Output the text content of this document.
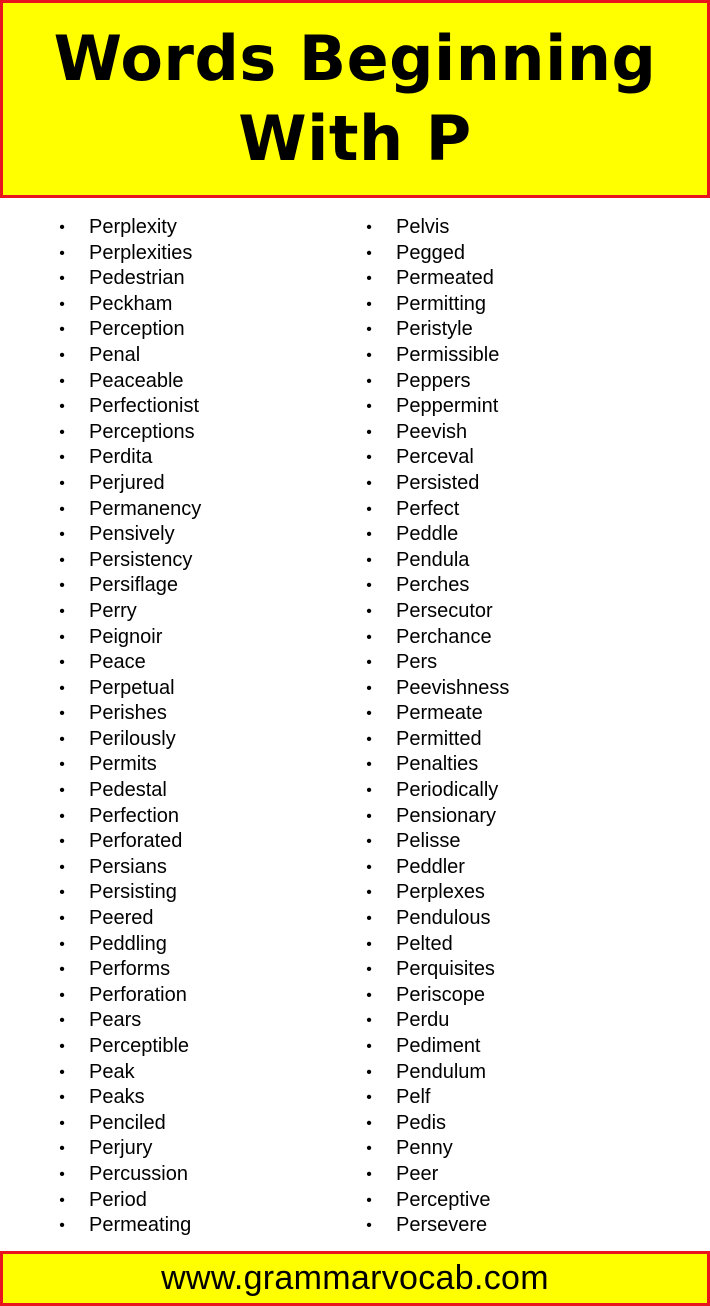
Words Beginning
With P
• Perplexity
• Perplexities
• Pedestrian
• Peckham
• Perception
• Penal
• Peaceable
• Perfectionist
• Perceptions
• Perdita
• Perjured
• Permanency
• Pensively
• Persistency
• Persiflage
• Perry
• Peignoir
• Peace
• Perpetual
• Perishes
• Perilously
• Permits
• Pedestal
• Perfection
• Perforated
• Persians
• Persisting
• Peered
• Peddling
• Performs
• Perforation
• Pears
• Perceptible
• Peak
• Peaks
• Penciled
• Perjury
• Percussion
• Period
• Permeating
• Pelvis
• Pegged
• Permeated
• Permitting
• Peristyle
• Permissible
• Peppers
• Peppermint
• Peevish
• Perceval
• Persisted
• Perfect
• Peddle
• Pendula
• Perches
• Persecutor
• Perchance
• Pers
• Peevishness
• Permeate
• Permitted
• Penalties
• Periodically
• Pensionary
• Pelisse
• Peddler
• Perplexes
• Pendulous
• Pelted
• Perquisites
• Periscope
• Perdu
• Pediment
• Pendulum
• Pelf
• Pedis
• Penny
• Peer
• Perceptive
• Persevere
www.grammarvocab.com
